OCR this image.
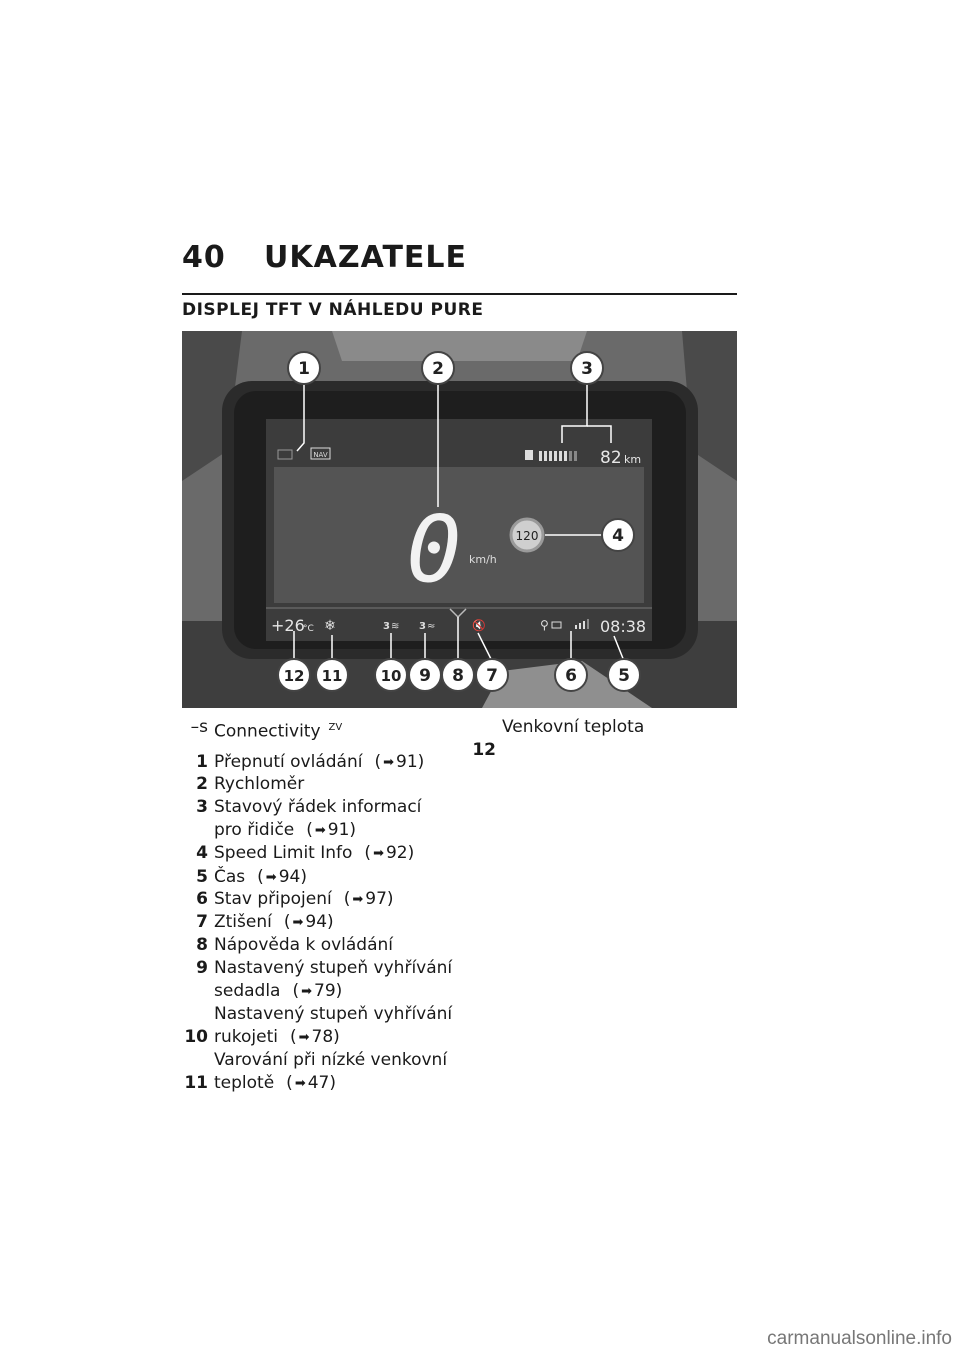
40 UKAZATELE
DISPLEJ TFT V NÁHLEDU PURE
NAV	82 km
0 km/h
120
+26
°C ❄	3 ≋ 3 ≈	🔇	⚲	08:38
1	2	3
4
12 11	10 9 8 7	6 5
–s Connectivity $^{ZV}$
1 Přepnutí ovládání ( ➡ 91)
2 Rychloměr
3 Stavový řádek informací
pro řidiče ( ➡ 91)
4 Speed Limit Info ( ➡ 92)
5 Čas ( ➡ 94)
6 Stav připojení ( ➡ 97)
7 Ztišení ( ➡ 94)
8 Nápověda k ovládání
9 Nastavený stupeň vyhřívání
sedadla ( ➡ 79)
Nastavený stupeň vyhřívání
10 rukojeti ( ➡ 78)
Varování při nízké venkovní
11 teplotě ( ➡ 47)
Venkovní teplota
12
carmanualsonline.info
